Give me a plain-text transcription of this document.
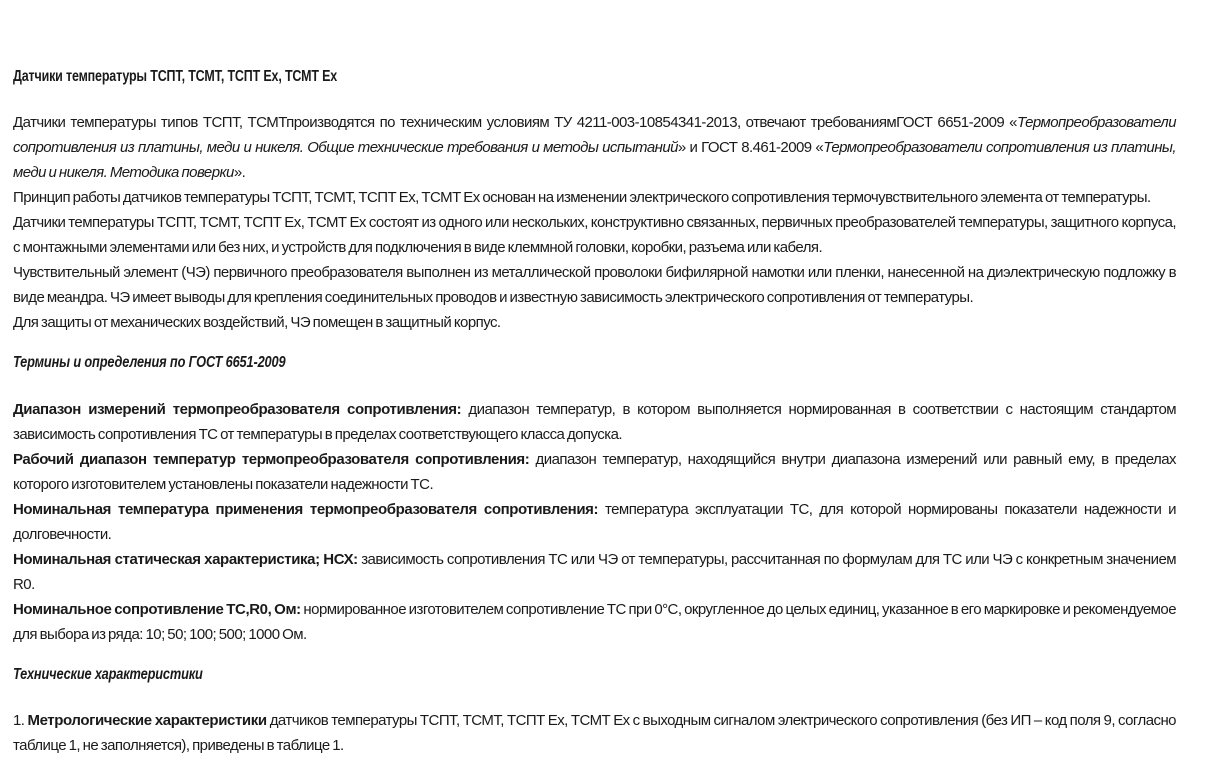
Датчики температуры ТСПТ, ТСМТ, ТСПТ Ex, ТСМТ Ex
Датчики температуры типов ТСПТ, ТСМТпроизводятся по техническим условиям ТУ 4211-003-10854341-2013, отвечают требованиямГОСТ 6651-2009 «Термопреобразователи сопротивления из платины, меди и никеля. Общие технические требования и методы испытаний» и ГОСТ 8.461-2009 «Термопреобразователи сопротивления из платины, меди и никеля. Методика поверки».
Принцип работы датчиков температуры ТСПТ, ТСМТ, ТСПТ Ex, ТСМТ Ex основан на изменении электрического сопротивления термочувствительного элемента от температуры.
Датчики температуры ТСПТ, ТСМТ, ТСПТ Ex, ТСМТ Ex состоят из одного или нескольких, конструктивно связанных, первичных преобразователей температуры, защитного корпуса, с монтажными элементами или без них, и устройств для подключения в виде клеммной головки, коробки, разъема или кабеля.
Чувствительный элемент (ЧЭ) первичного преобразователя выполнен из металлической проволоки бифилярной намотки или пленки, нанесенной на диэлектрическую подложку в виде меандра. ЧЭ имеет выводы для крепления соединительных проводов и известную зависимость электрического сопротивления от температуры.
Для защиты от механических воздействий, ЧЭ помещен в защитный корпус.
Термины и определения по ГОСТ 6651-2009
Диапазон измерений термопреобразователя сопротивления: диапазон температур, в котором выполняется нормированная в соответствии с настоящим стандартом зависимость сопротивления ТС от температуры в пределах соответствующего класса допуска.
Рабочий диапазон температур термопреобразователя сопротивления: диапазон температур, находящийся внутри диапазона измерений или равный ему, в пределах которого изготовителем установлены показатели надежности ТС.
Номинальная температура применения термопреобразователя сопротивления: температура эксплуатации ТС, для которой нормированы показатели надежности и долговечности.
Номинальная статическая характеристика; НСХ: зависимость сопротивления ТС или ЧЭ от температуры, рассчитанная по формулам для ТС или ЧЭ с конкретным значением R0.
Номинальное сопротивление ТС,R0, Ом: нормированное изготовителем сопротивление ТС при 0°С, округленное до целых единиц, указанное в его маркировке и рекомендуемое для выбора из ряда: 10; 50; 100; 500; 1000 Ом.
Технические характеристики
1. Метрологические характеристики датчиков температуры ТСПТ, ТСМТ, ТСПТ Ex, ТСМТ Ex с выходным сигналом электрического сопротивления (без ИП – код поля 9, согласно таблице 1, не заполняется), приведены в таблице 1.
